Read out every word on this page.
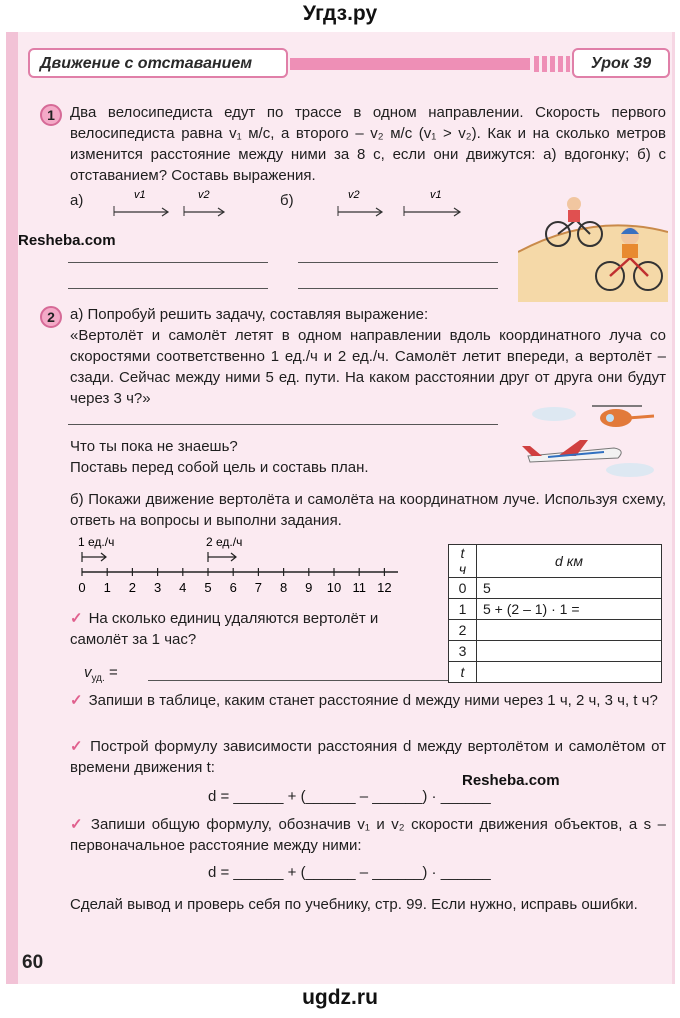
Угдз.ру
Движение с отставанием	Урок 39
1	Два велосипедиста едут по трассе в одном направлении. Скорость первого велосипедиста равна v₁ м/с, а второго – v₂ м/с (v₁ > v₂). Как и на сколько метров изменится расстояние между ними за 8 с, если они движутся: а) вдогонку; б) с отставанием? Составь выражения.
а)	v1	v2	б)	v2	v1
Resheba.com
2	а) Попробуй решить задачу, составляя выражение:
«Вертолёт и самолёт летят в одном направлении вдоль координатного луча со скоростями соответственно 1 ед./ч и 2 ед./ч. Самолёт летит впереди, а вертолёт – сзади. Сейчас между ними 5 ед. пути. На каком расстоянии друг от друга они будут через 3 ч?»
Что ты пока не знаешь?
Поставь перед собой цель и составь план.
б) Покажи движение вертолёта и самолёта на координатном луче. Используя схему, ответь на вопросы и выполни задания.
1 ед./ч	2 ед./ч
0 1 2 3 4 5 6 7 8 9 10 11 12
t ч	d км
0	5
1	5 + (2 – 1) · 1 =
2	
3	
t	
✓ На сколько единиц удаляются вертолёт и самолёт за 1 час?
$v_{уд.}$ =
✓ Запиши в таблице, каким станет расстояние d между ними через 1 ч, 2 ч, 3 ч, t ч?
✓ Построй формулу зависимости расстояния d между вертолётом и самолётом от времени движения t:
Resheba.com
d = ______ + (______ – ______) · ______
✓ Запиши общую формулу, обозначив v₁ и v₂ скорости движения объектов, а s – первоначальное расстояние между ними:
d = ______ + (______ – ______) · ______
Сделай вывод и проверь себя по учебнику, стр. 99. Если нужно, исправь ошибки.
60
ugdz.ru
